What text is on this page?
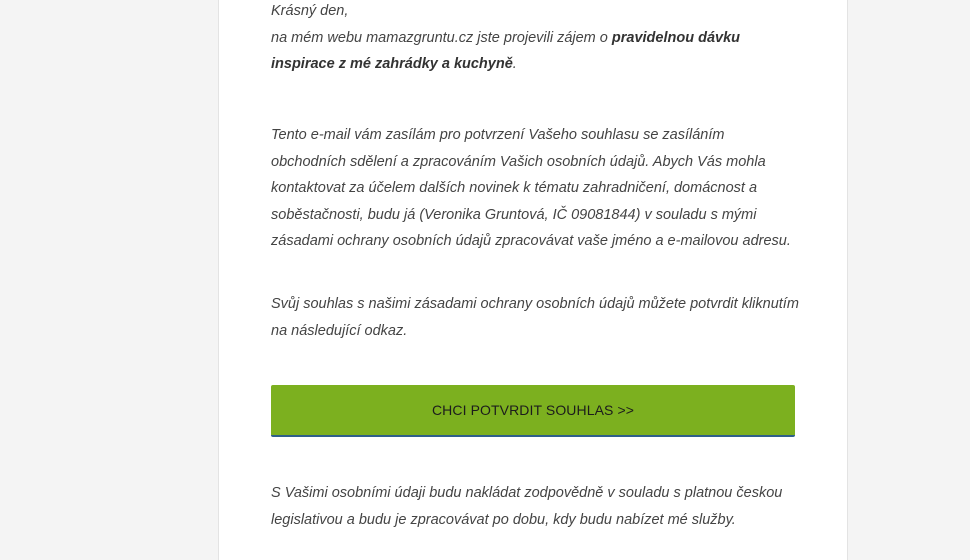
Krásný den,

na mém webu mamazgruntu.cz jste projevili zájem o pravidelnou dávku inspirace z mé zahrádky a kuchyně.

Tento e-mail vám zasílám pro potvrzení Vašeho souhlasu se zasíláním obchodních sdělení a zpracováním Vašich osobních údajů. Abych Vás mohla kontaktovat za účelem dalších novinek k tématu zahradničení, domácnost a soběstačnosti, budu já (Veronika Gruntová, IČ 09081844) v souladu s mými zásadami ochrany osobních údajů zpracovávat vaše jméno a e-mailovou adresu.

Svůj souhlas s našimi zásadami ochrany osobních údajů můžete potvrdit kliknutím na následující odkaz.

S Vašimi osobními údaji budu nakládat zodpovědně v souladu s platnou českou legislativou a budu je zpracovávat po dobu, kdy budu nabízet mé služby.

CHCI POTVRDIT SOUHLAS >>
